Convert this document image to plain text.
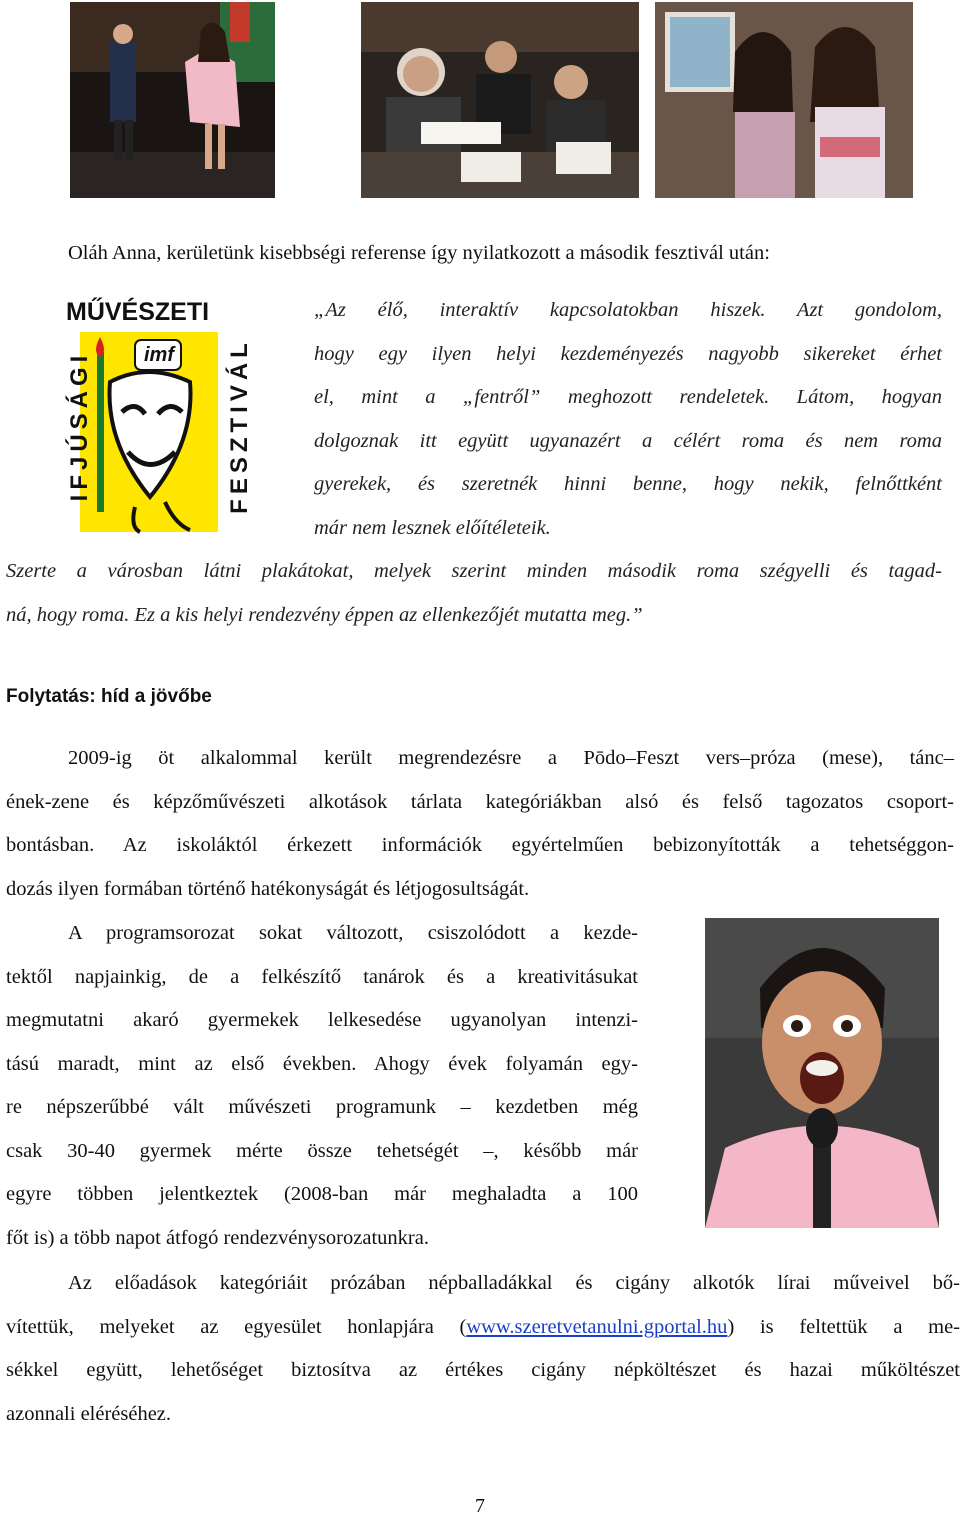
Oláh Anna, kerületünk kisebbségi referense így nyilatkozott a második fesztivál után:
imf
MŰVÉSZETI
IFJÚSÁGI	FESZTIVÁL
„Az élő, interaktív kapcsolatokban hiszek. Azt gondolom,
hogy egy ilyen helyi kezdeményezés nagyobb sikereket érhet
el, mint a „fentről” meghozott rendeletek. Látom, hogyan
dolgoznak itt együtt ugyanazért a célért roma és nem roma
gyerekek, és szeretnék hinni benne, hogy nekik, felnőttként
már nem lesznek előítéleteik.
Szerte a városban látni plakátokat, melyek szerint minden második roma szégyelli és tagad-
ná, hogy roma. Ez a kis helyi rendezvény éppen az ellenkezőjét mutatta meg.”
Folytatás: híd a jövőbe
2009-ig öt alkalommal került megrendezésre a Pōdo–Feszt vers–próza (mese), tánc–
ének-zene és képzőművészeti alkotások tárlata kategóriákban alsó és felső tagozatos csoport-
bontásban. Az iskoláktól érkezett információk egyértelműen bebizonyították a tehetséggon-
dozás ilyen formában történő hatékonyságát és létjogosultságát.
A programsorozat sokat változott, csiszolódott a kezde-
tektől napjainkig, de a felkészítő tanárok és a kreativitásukat
megmutatni akaró gyermekek lelkesedése ugyanolyan intenzi-
tású maradt, mint az első években. Ahogy évek folyamán egy-
re népszerűbbé vált művészeti programunk – kezdetben még
csak 30-40 gyermek mérte össze tehetségét –, később már
egyre többen jelentkeztek (2008-ban már meghaladta a 100
főt is) a több napot átfogó rendezvénysorozatunkra.
Az előadások kategóriáit prózában népballadákkal és cigány alkotók lírai műveivel bő-
vítettük, melyeket az egyesület honlapjára (www.szeretvetanulni.gportal.hu) is feltettük a me-
sékkel együtt, lehetőséget biztosítva az értékes cigány népköltészet és hazai műköltészet
azonnali eléréséhez.
7
